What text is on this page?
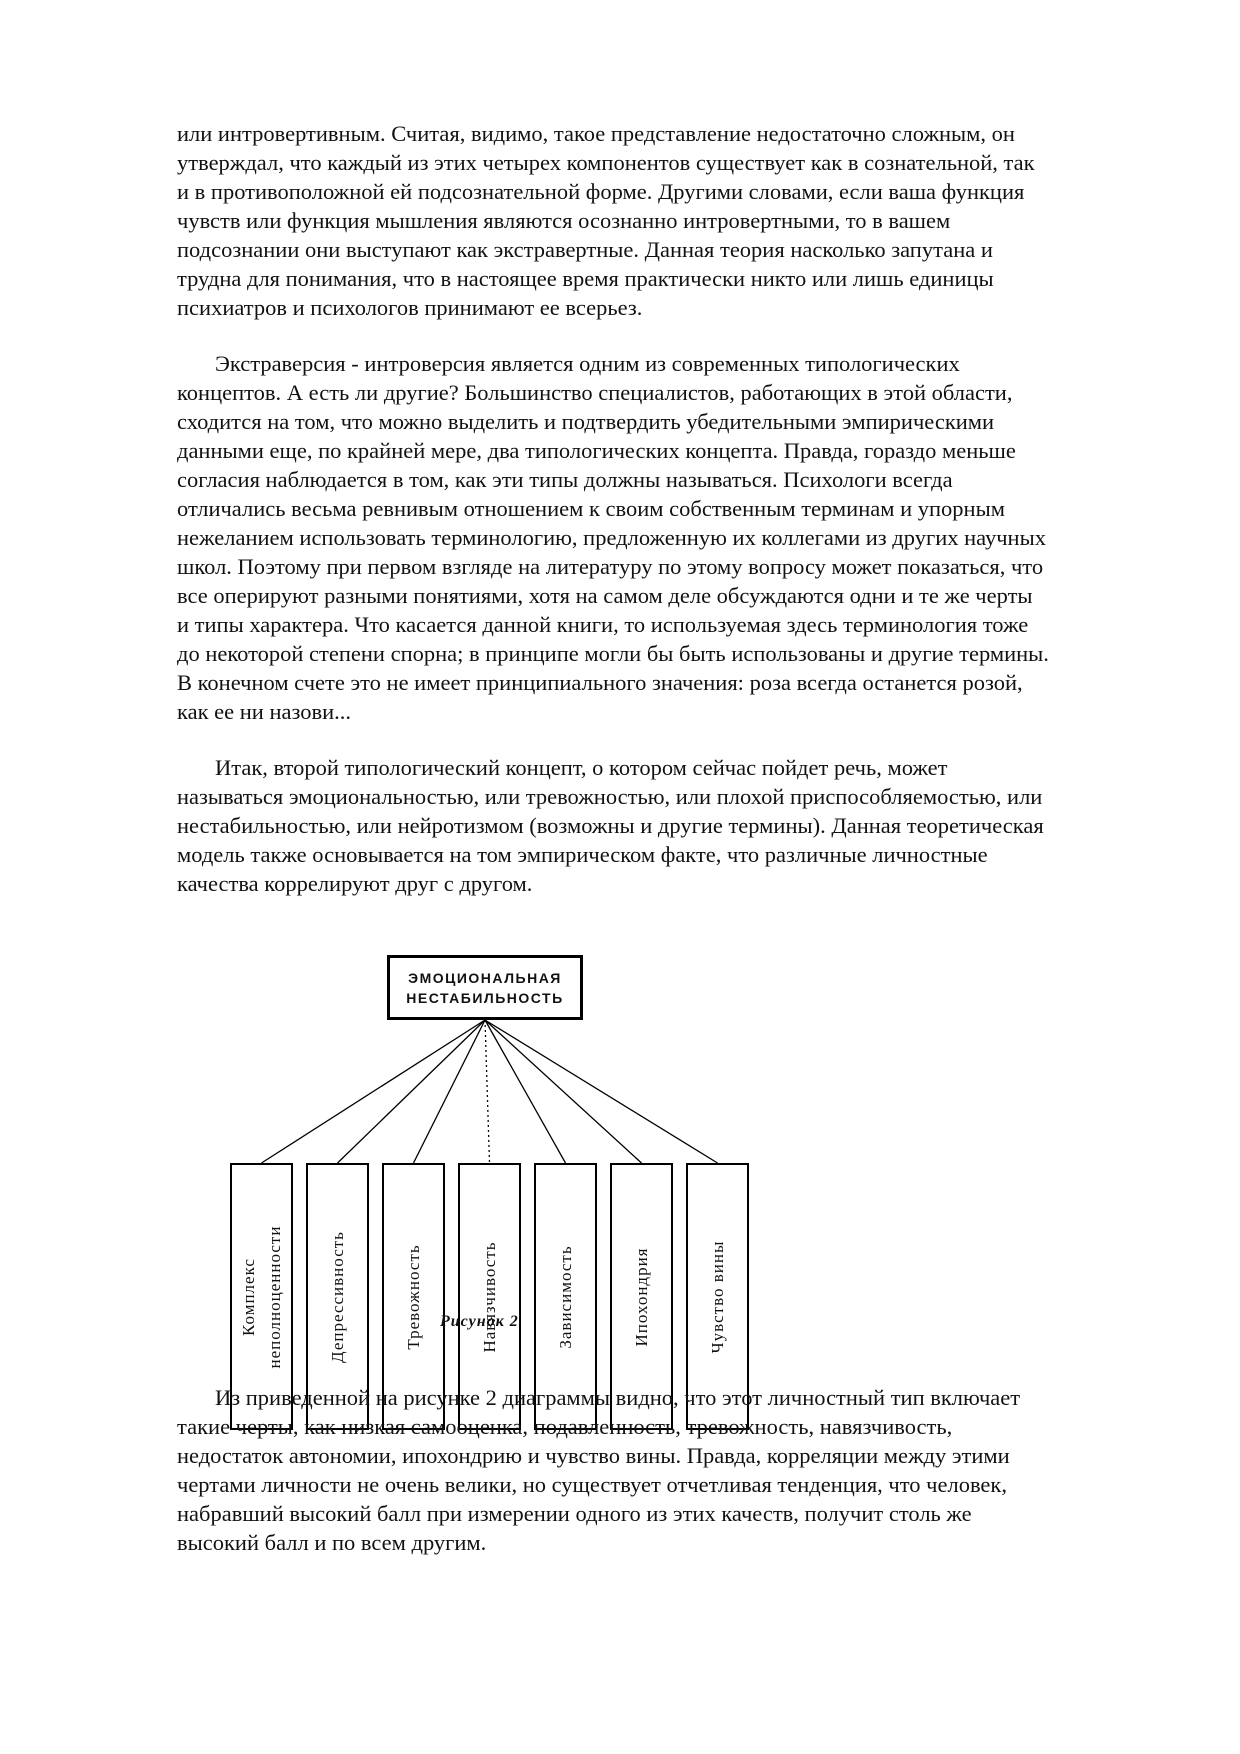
или интровертивным. Считая, видимо, такое представление недостаточно сложным, он
утверждал, что каждый из этих четырех компонентов существует как в сознательной, так
и в противоположной ей подсознательной форме. Другими словами, если ваша функция
чувств или функция мышления являются осознанно интровертными, то в вашем
подсознании они выступают как экстравертные. Данная теория насколько запутана и
трудна для понимания, что в настоящее время практически никто или лишь единицы
психиатров и психологов принимают ее всерьез.
Экстраверсия - интроверсия является одним из современных типологических
концептов. А есть ли другие? Большинство специалистов, работающих в этой области,
сходится на том, что можно выделить и подтвердить убедительными эмпирическими
данными еще, по крайней мере, два типологических концепта. Правда, гораздо меньше
согласия наблюдается в том, как эти типы должны называться. Психологи всегда
отличались весьма ревнивым отношением к своим собственным терминам и упорным
нежеланием использовать терминологию, предложенную их коллегами из других научных
школ. Поэтому при первом взгляде на литературу по этому вопросу может показаться, что
все оперируют разными понятиями, хотя на самом деле обсуждаются одни и те же черты
и типы характера. Что касается данной книги, то используемая здесь терминология тоже
до некоторой степени спорна; в принципе могли бы быть использованы и другие термины.
В конечном счете это не имеет принципиального значения: роза всегда останется розой,
как ее ни назови...
Итак, второй типологический концепт, о котором сейчас пойдет речь, может
называться эмоциональностью, или тревожностью, или плохой приспособляемостью, или
нестабильностью, или нейротизмом (возможны и другие термины). Данная теоретическая
модель также основывается на том эмпирическом факте, что различные личностные
качества коррелируют друг с другом.
ЭМОЦИОНАЛЬНАЯ
НЕСТАБИЛЬНОСТЬ
Комплекс неполноценности	Депрессивность	Тревожность	Навязчивость	Зависимость	Ипохондрия	Чувство вины
Рисунок 2
Из приведенной на рисунке 2 диаграммы видно, что этот личностный тип включает
такие черты, как низкая самооценка, подавленность, тревожность, навязчивость,
недостаток автономии, ипохондрию и чувство вины. Правда, корреляции между этими
чертами личности не очень велики, но существует отчетливая тенденция, что человек,
набравший высокий балл при измерении одного из этих качеств, получит столь же
высокий балл и по всем другим.
